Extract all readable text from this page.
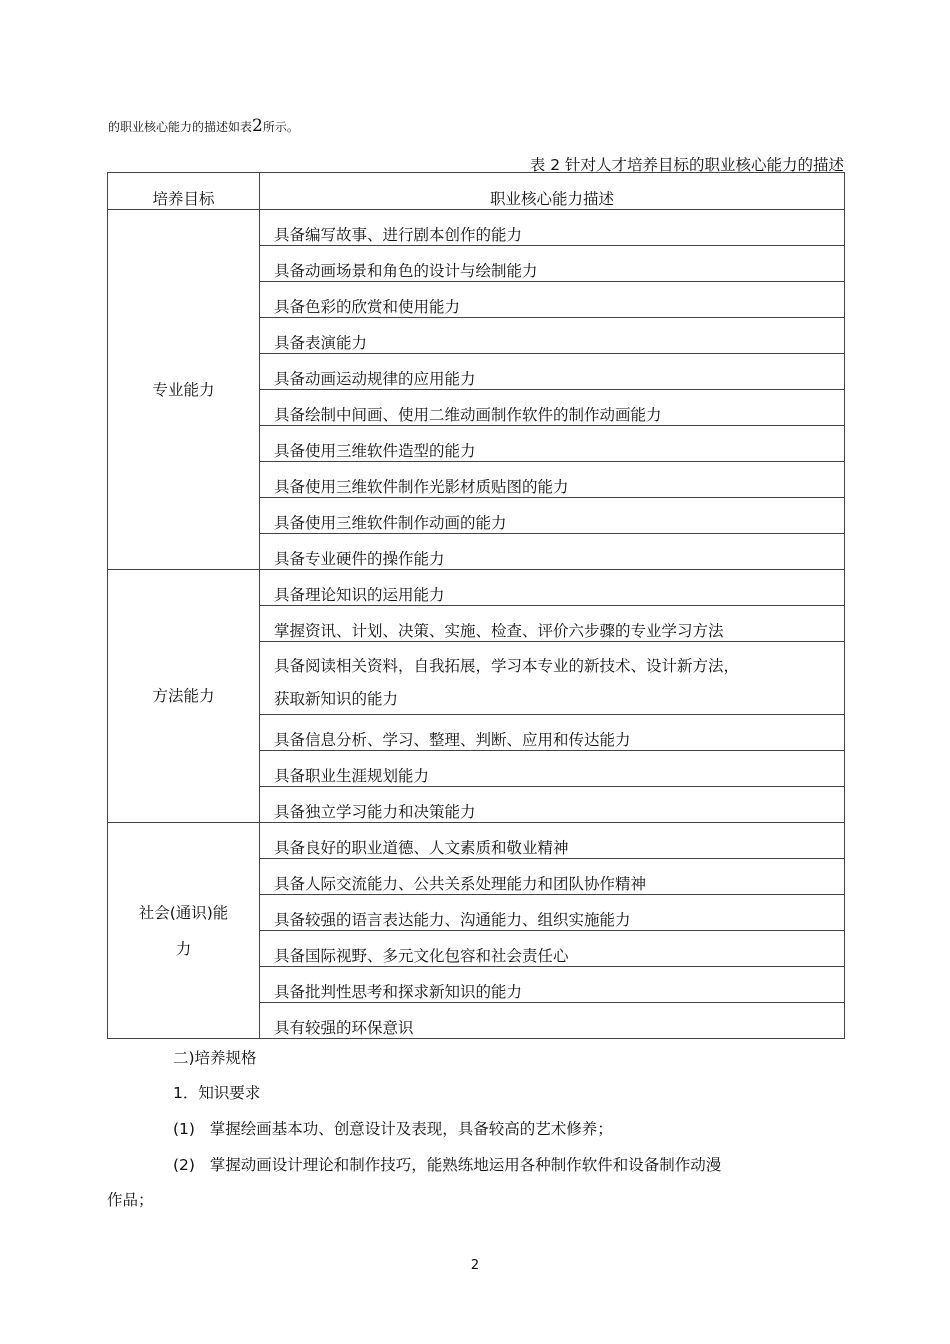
的职业核心能力的描述如表2所示。
表 2 针对人才培养目标的职业核心能力的描述
培养目标	职业核心能力描述

专业能力	具备编写故事、进行剧本创作的能力

	具备动画场景和角色的设计与绘制能力

	具备色彩的欣赏和使用能力

	具备表演能力

	具备动画运动规律的应用能力

	具备绘制中间画、使用二维动画制作软件的制作动画能力

	具备使用三维软件造型的能力

	具备使用三维软件制作光影材质贴图的能力

	具备使用三维软件制作动画的能力

	具备专业硬件的操作能力

方法能力	具备理论知识的运用能力

	掌握资讯、计划、决策、实施、检查、评价六步骤的专业学习方法

	具备阅读相关资料，自我拓展，学习本专业的新技术、设计新方法，
获取新知识的能力

	具备信息分析、学习、整理、判断、应用和传达能力

	具备职业生涯规划能力

	具备独立学习能力和决策能力

社会(通识)能
力	具备良好的职业道德、人文素质和敬业精神

	具备人际交流能力、公共关系处理能力和团队协作精神

	具备较强的语言表达能力、沟通能力、组织实施能力

	具备国际视野、多元文化包容和社会责任心

	具备批判性思考和探求新知识的能力

	具有较强的环保意识
二)培养规格
1．知识要求
(1) 掌握绘画基本功、创意设计及表现，具备较高的艺术修养；
(2) 掌握动画设计理论和制作技巧，能熟练地运用各种制作软件和设备制作动漫
作品；
2
